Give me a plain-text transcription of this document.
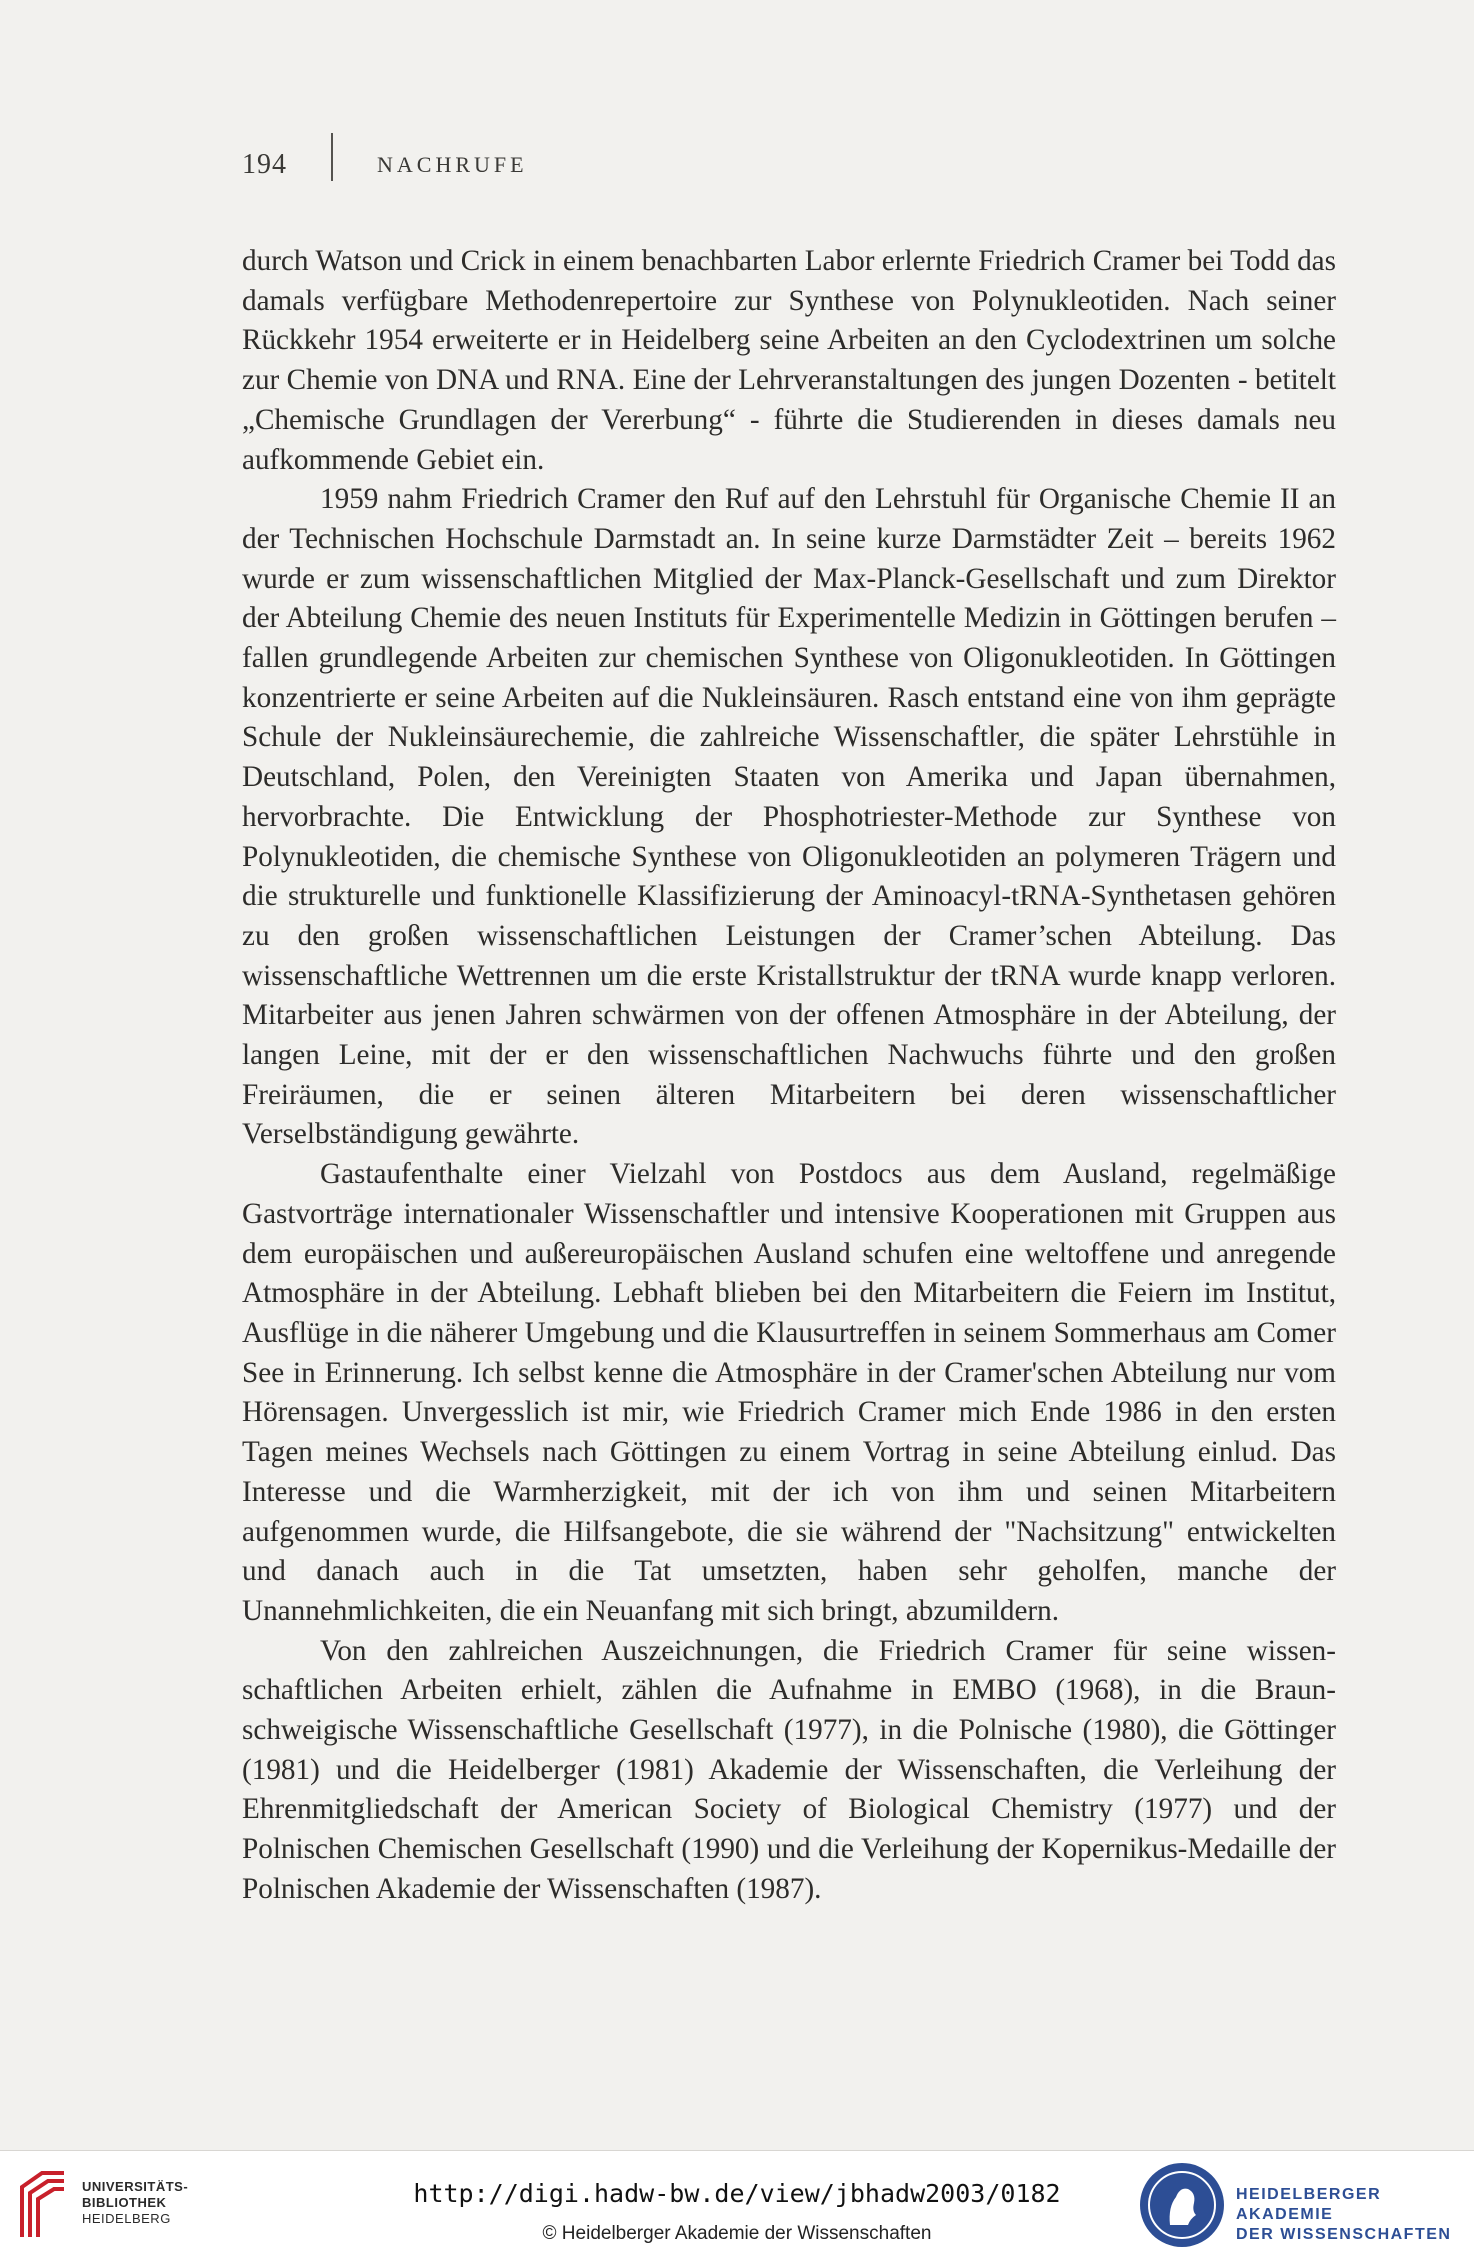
194	NACHRUFE

durch Watson und Crick in einem benachbarten Labor erlernte Friedrich Cramer bei Todd das damals verfügbare Methodenrepertoire zur Synthese von Polynukleotiden. Nach seiner Rückkehr 1954 erweiterte er in Heidelberg seine Arbeiten an den Cyclodextrinen um solche zur Chemie von DNA und RNA. Eine der Lehrveranstaltungen des jungen Dozenten - betitelt „Chemische Grundlagen der Vererbung“ - führte die Studierenden in dieses damals neu aufkommende Gebiet ein.

1959 nahm Friedrich Cramer den Ruf auf den Lehrstuhl für Organische Chemie II an der Technischen Hochschule Darmstadt an. In seine kurze Darmstädter Zeit – bereits 1962 wurde er zum wissenschaftlichen Mitglied der Max-Planck-Gesellschaft und zum Direktor der Abteilung Chemie des neuen Instituts für Experimentelle Medizin in Göttingen berufen – fallen grundlegende Arbeiten zur chemischen Synthese von Oligonukleotiden. In Göttingen konzentrierte er seine Arbeiten auf die Nukleinsäuren. Rasch entstand eine von ihm geprägte Schule der Nukleinsäurechemie, die zahlreiche Wissenschaftler, die später Lehrstühle in Deutschland, Polen, den Vereinigten Staaten von Amerika und Japan übernahmen, hervorbrachte. Die Entwicklung der Phosphotriester-Methode zur Synthese von Polynukleotiden, die chemische Synthese von Oligonukleotiden an polymeren Trägern und die strukturelle und funktionelle Klassifizierung der Aminoacyl-tRNA-Synthetasen gehören zu den großen wissenschaftlichen Leistungen der Cramer’schen Abteilung. Das wissenschaftliche Wettrennen um die erste Kristallstruktur der tRNA wurde knapp verloren. Mitarbeiter aus jenen Jahren schwärmen von der offenen Atmosphäre in der Abteilung, der langen Leine, mit der er den wissenschaftlichen Nachwuchs führte und den großen Freiräumen, die er seinen älteren Mitarbeitern bei deren wissenschaftlicher Verselbständigung gewährte.

Gastaufenthalte einer Vielzahl von Postdocs aus dem Ausland, regelmäßige Gastvorträge internationaler Wissenschaftler und intensive Kooperationen mit Gruppen aus dem europäischen und außereuropäischen Ausland schufen eine weltoffene und anregende Atmosphäre in der Abteilung. Lebhaft blieben bei den Mitarbeitern die Feiern im Institut, Ausflüge in die näherer Umgebung und die Klausurtreffen in seinem Sommerhaus am Comer See in Erinnerung. Ich selbst kenne die Atmosphäre in der Cramer'schen Abteilung nur vom Hörensagen. Unvergesslich ist mir, wie Friedrich Cramer mich Ende 1986 in den ersten Tagen meines Wechsels nach Göttingen zu einem Vortrag in seine Abteilung einlud. Das Interesse und die Warmherzigkeit, mit der ich von ihm und seinen Mitarbeitern aufgenommen wurde, die Hilfsangebote, die sie während der "Nachsitzung" entwickelten und danach auch in die Tat umsetzten, haben sehr geholfen, manche der Unannehmlichkeiten, die ein Neuanfang mit sich bringt, abzumildern.

Von den zahlreichen Auszeichnungen, die Friedrich Cramer für seine wissenschaftlichen Arbeiten erhielt, zählen die Aufnahme in EMBO (1968), in die Braunschweigische Wissenschaftliche Gesellschaft (1977), in die Polnische (1980), die Göttinger (1981) und die Heidelberger (1981) Akademie der Wissenschaften, die Verleihung der Ehrenmitgliedschaft der American Society of Biological Chemistry (1977) und der Polnischen Chemischen Gesellschaft (1990) und die Verleihung der Kopernikus-Medaille der Polnischen Akademie der Wissenschaften (1987).

UNIVERSITÄTS-
BIBLIOTHEK
HEIDELBERG
http://digi.hadw-bw.de/view/jbhadw2003/0182
© Heidelberger Akademie der Wissenschaften
HEIDELBERGER AKADEMIE
DER WISSENSCHAFTEN
